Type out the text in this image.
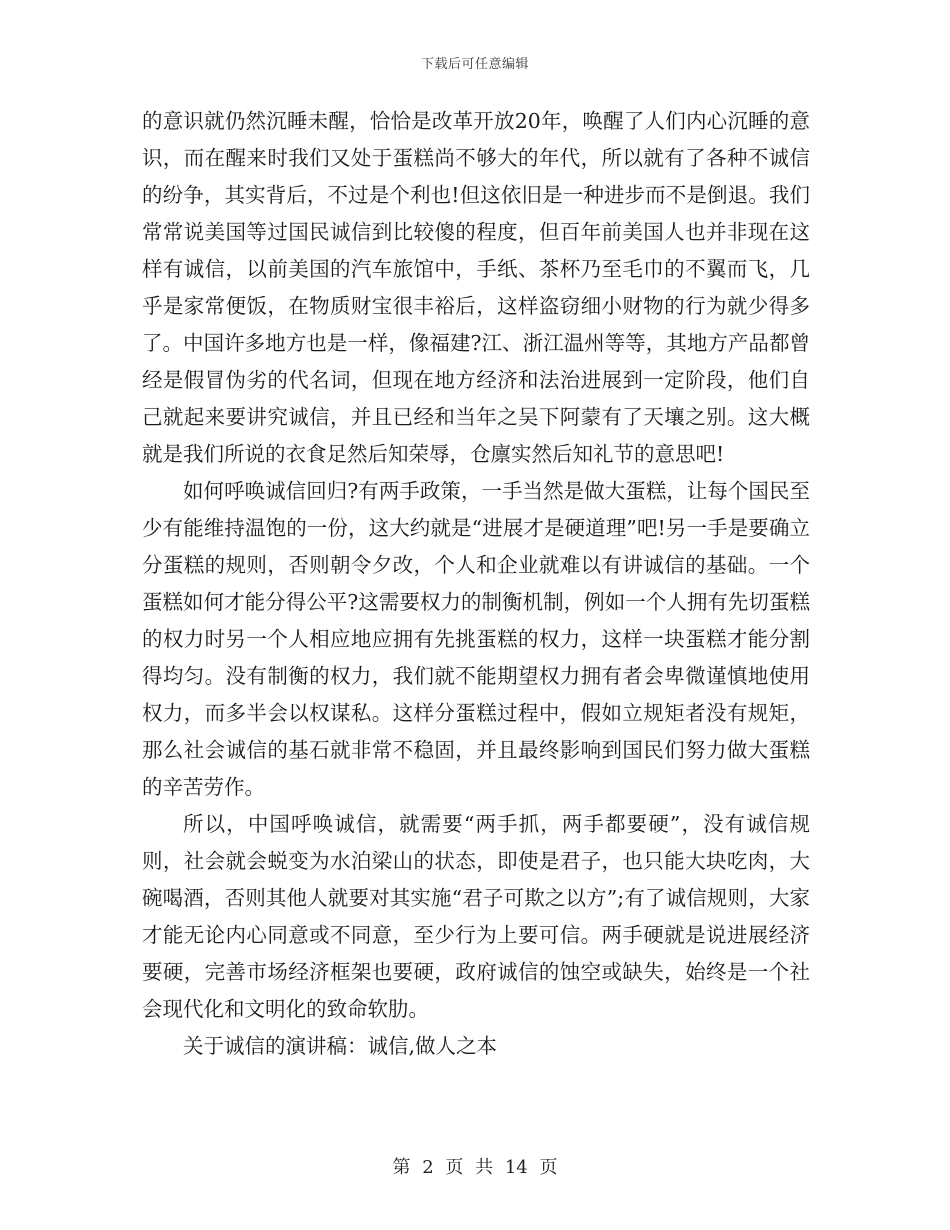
下载后可任意编辑

的意识就仍然沉睡未醒，恰恰是改革开放20年，唤醒了人们内心沉睡的意识，而在醒来时我们又处于蛋糕尚不够大的年代，所以就有了各种不诚信的纷争，其实背后，不过是个利也!但这依旧是一种进步而不是倒退。我们常常说美国等过国民诚信到比较傻的程度，但百年前美国人也并非现在这样有诚信，以前美国的汽车旅馆中，手纸、茶杯乃至毛巾的不翼而飞，几乎是家常便饭，在物质财宝很丰裕后，这样盗窃细小财物的行为就少得多了。中国许多地方也是一样，像福建?江、浙江温州等等，其地方产品都曾经是假冒伪劣的代名词，但现在地方经济和法治进展到一定阶段，他们自己就起来要讲究诚信，并且已经和当年之吴下阿蒙有了天壤之别。这大概就是我们所说的衣食足然后知荣辱，仓廪实然后知礼节的意思吧!

如何呼唤诚信回归?有两手政策，一手当然是做大蛋糕，让每个国民至少有能维持温饱的一份，这大约就是“进展才是硬道理”吧!另一手是要确立分蛋糕的规则，否则朝令夕改，个人和企业就难以有讲诚信的基础。一个蛋糕如何才能分得公平?这需要权力的制衡机制，例如一个人拥有先切蛋糕的权力时另一个人相应地应拥有先挑蛋糕的权力，这样一块蛋糕才能分割得均匀。没有制衡的权力，我们就不能期望权力拥有者会卑微谨慎地使用权力，而多半会以权谋私。这样分蛋糕过程中，假如立规矩者没有规矩，那么社会诚信的基石就非常不稳固，并且最终影响到国民们努力做大蛋糕的辛苦劳作。

所以，中国呼唤诚信，就需要“两手抓，两手都要硬”，没有诚信规则，社会就会蜕变为水泊梁山的状态，即使是君子，也只能大块吃肉，大碗喝酒，否则其他人就要对其实施“君子可欺之以方”;有了诚信规则，大家才能无论内心同意或不同意，至少行为上要可信。两手硬就是说进展经济要硬，完善市场经济框架也要硬，政府诚信的蚀空或缺失，始终是一个社会现代化和文明化的致命软肋。

关于诚信的演讲稿：诚信,做人之本

第 2 页 共 14 页
